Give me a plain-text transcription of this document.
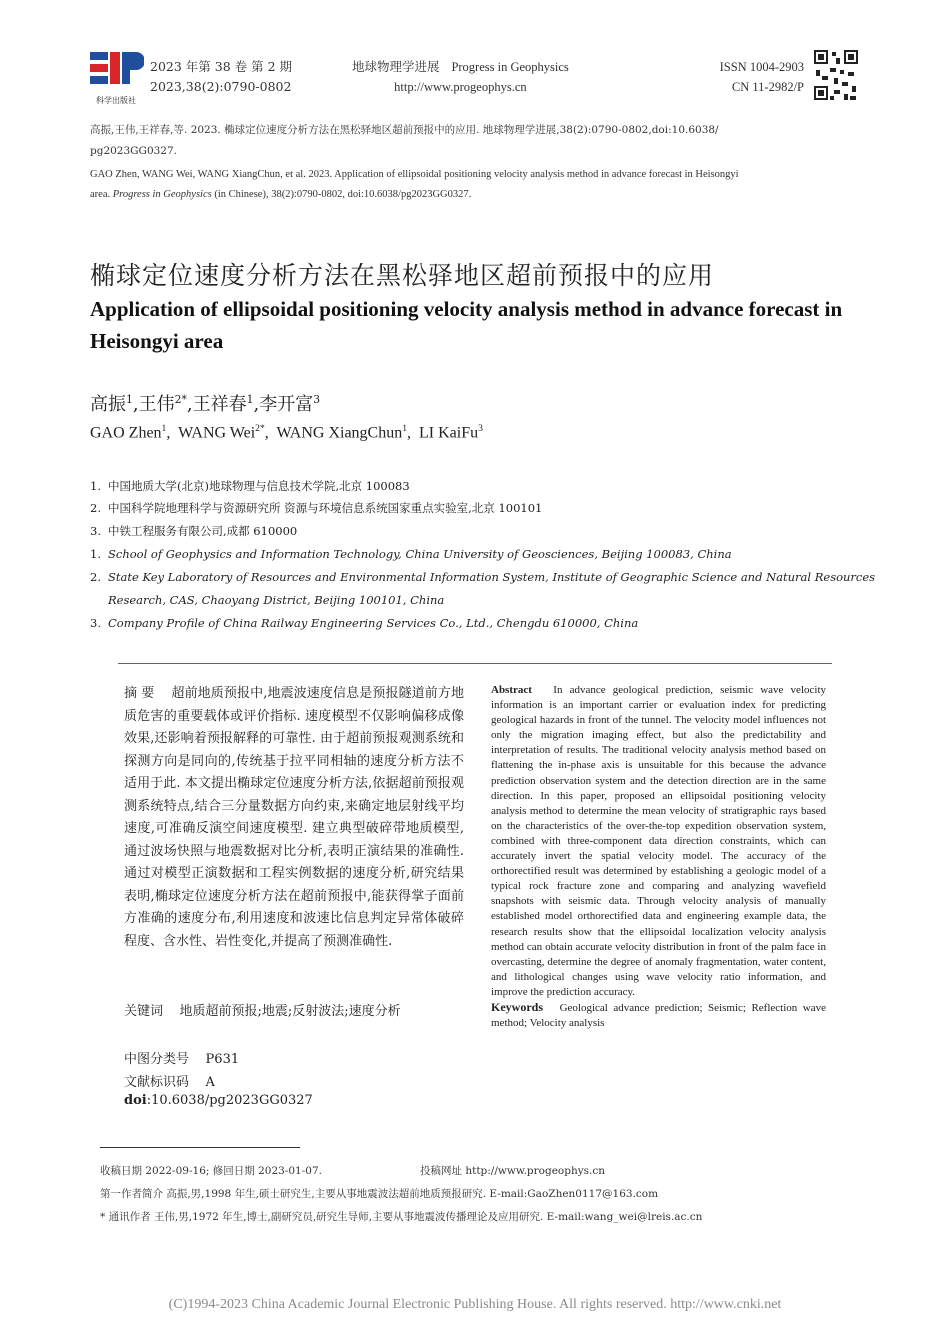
科学出版社
2023 年第 38 卷 第 2 期
2023,38(2):0790-0802
地球物理学进展 Progress in Geophysics
http://www.progeophys.cn
ISSN 1004-2903
CN 11-2982/P
高振,王伟,王祥春,等. 2023. 椭球定位速度分析方法在黑松驿地区超前预报中的应用. 地球物理学进展,38(2):0790-0802,doi:10.6038/
pg2023GG0327.
GAO Zhen, WANG Wei, WANG XiangChun, et al. 2023. Application of ellipsoidal positioning velocity analysis method in advance forecast in Heisongyi
area. Progress in Geophysics (in Chinese), 38(2):0790-0802, doi:10.6038/pg2023GG0327.
椭球定位速度分析方法在黑松驿地区超前预报中的应用
Application of ellipsoidal positioning velocity analysis method in advance forecast in Heisongyi area
高振$^1$,王伟$^{2*}$,王祥春$^1$,李开富$^3$
GAO Zhen$^1$,  WANG Wei$^{2*}$,  WANG XiangChun$^1$,  LI KaiFu$^3$
1. 中国地质大学(北京)地球物理与信息技术学院,北京 100083
2. 中国科学院地理科学与资源研究所 资源与环境信息系统国家重点实验室,北京 100101
3. 中铁工程服务有限公司,成都 610000
1. School of Geophysics and Information Technology, China University of Geosciences, Beijing 100083, China
2. State Key Laboratory of Resources and Environmental Information System, Institute of Geographic Science and Natural Resources
Research, CAS, Chaoyang District, Beijing 100101, China
3. Company Profile of China Railway Engineering Services Co., Ltd., Chengdu 610000, China
摘 要 超前地质预报中,地震波速度信息是预报隧道前方地质危害的重要载体或评价指标. 速度模型不仅影响偏移成像效果,还影响着预报解释的可靠性. 由于超前预报观测系统和探测方向是同向的,传统基于拉平同相轴的速度分析方法不适用于此. 本文提出椭球定位速度分析方法,依据超前预报观测系统特点,结合三分量数据方向约束,来确定地层射线平均速度,可准确反演空间速度模型. 建立典型破碎带地质模型,通过波场快照与地震数据对比分析,表明正演结果的准确性. 通过对模型正演数据和工程实例数据的速度分析,研究结果表明,椭球定位速度分析方法在超前预报中,能获得掌子面前方准确的速度分布,利用速度和波速比信息判定异常体破碎程度、含水性、岩性变化,并提高了预测准确性.
关键词 地质超前预报;地震;反射波法;速度分析
中图分类号 P631
文献标识码 A
doi:10.6038/pg2023GG0327
Abstract In advance geological prediction, seismic wave velocity information is an important carrier or evaluation index for predicting geological hazards in front of the tunnel. The velocity model influences not only the migration imaging effect, but also the predictability and interpretation of results. The traditional velocity analysis method based on flattening the in-phase axis is unsuitable for this because the advance prediction observation system and the detection direction are in the same direction. In this paper, proposed an ellipsoidal positioning velocity analysis method to determine the mean velocity of stratigraphic rays based on the characteristics of the over-the-top expedition observation system, combined with three-component data direction constraints, which can accurately invert the spatial velocity model. The accuracy of the orthorectified result was determined by establishing a geologic model of a typical rock fracture zone and comparing and analyzing wavefield snapshots with seismic data. Through velocity analysis of manually established model orthorectified data and engineering example data, the research results show that the ellipsoidal localization velocity analysis method can obtain accurate velocity distribution in front of the palm face in overcasting, determine the degree of anomaly fragmentation, water content, and lithological changes using wave velocity ratio information, and improve the prediction accuracy.
Keywords Geological advance prediction; Seismic; Reflection wave method; Velocity analysis
收稿日期 2022-09-16; 修回日期 2023-01-07.	投稿网址 http://www.progeophys.cn
第一作者简介 高振,男,1998 年生,硕士研究生,主要从事地震波法超前地质预报研究. E-mail:GaoZhen0117@163.com
* 通讯作者 王伟,男,1972 年生,博士,副研究员,研究生导师,主要从事地震波传播理论及应用研究. E-mail:wang_wei@lreis.ac.cn
(C)1994-2023 China Academic Journal Electronic Publishing House. All rights reserved. http://www.cnki.net
